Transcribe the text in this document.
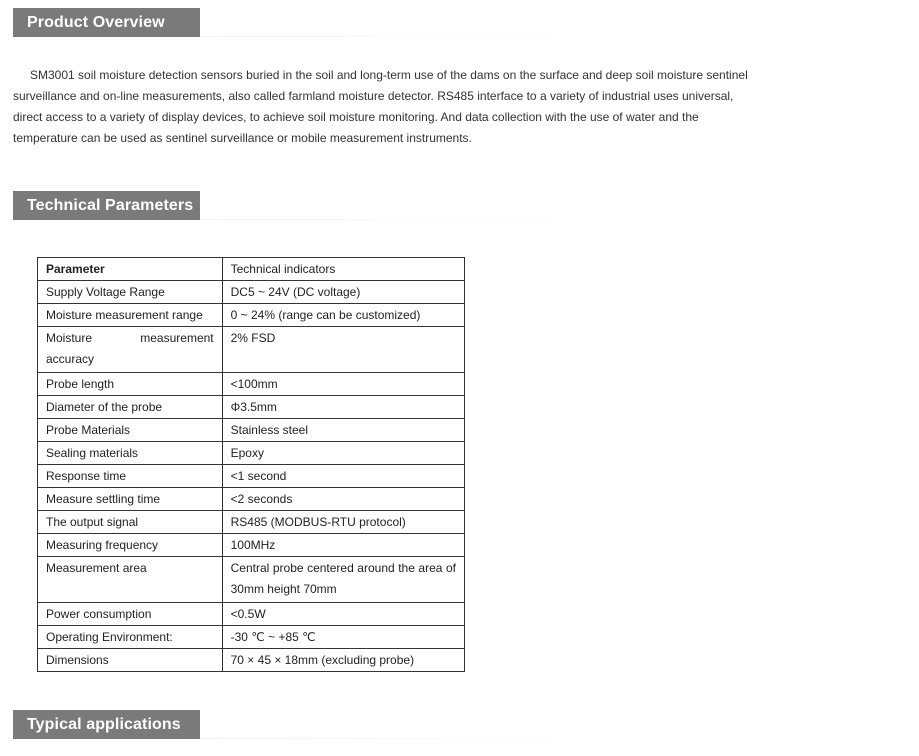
Product Overview

SM3001 soil moisture detection sensors buried in the soil and long-term use of the dams on the surface and deep soil moisture sentinel surveillance and on-line measurements, also called farmland moisture detector. RS485 interface to a variety of industrial uses universal, direct access to a variety of display devices, to achieve soil moisture monitoring. And data collection with the use of water and the temperature can be used as sentinel surveillance or mobile measurement instruments.

Technical Parameters
Parameter	Technical indicators
Supply Voltage Range	DC5 ~ 24V (DC voltage)
Moisture measurement range	0 ~ 24% (range can be customized)
Moisture measurement accuracy	2% FSD
Probe length	<100mm
Diameter of the probe	Φ3.5mm
Probe Materials	Stainless steel
Sealing materials	Epoxy
Response time	<1 second
Measure settling time	<2 seconds
The output signal	RS485 (MODBUS-RTU protocol)
Measuring frequency	100MHz
Measurement area	Central probe centered around the area of 30mm height 70mm
Power consumption	<0.5W
Operating Environment:	-30 ℃ ~ +85 ℃
Dimensions	70 × 45 × 18mm (excluding probe)
Typical applications
